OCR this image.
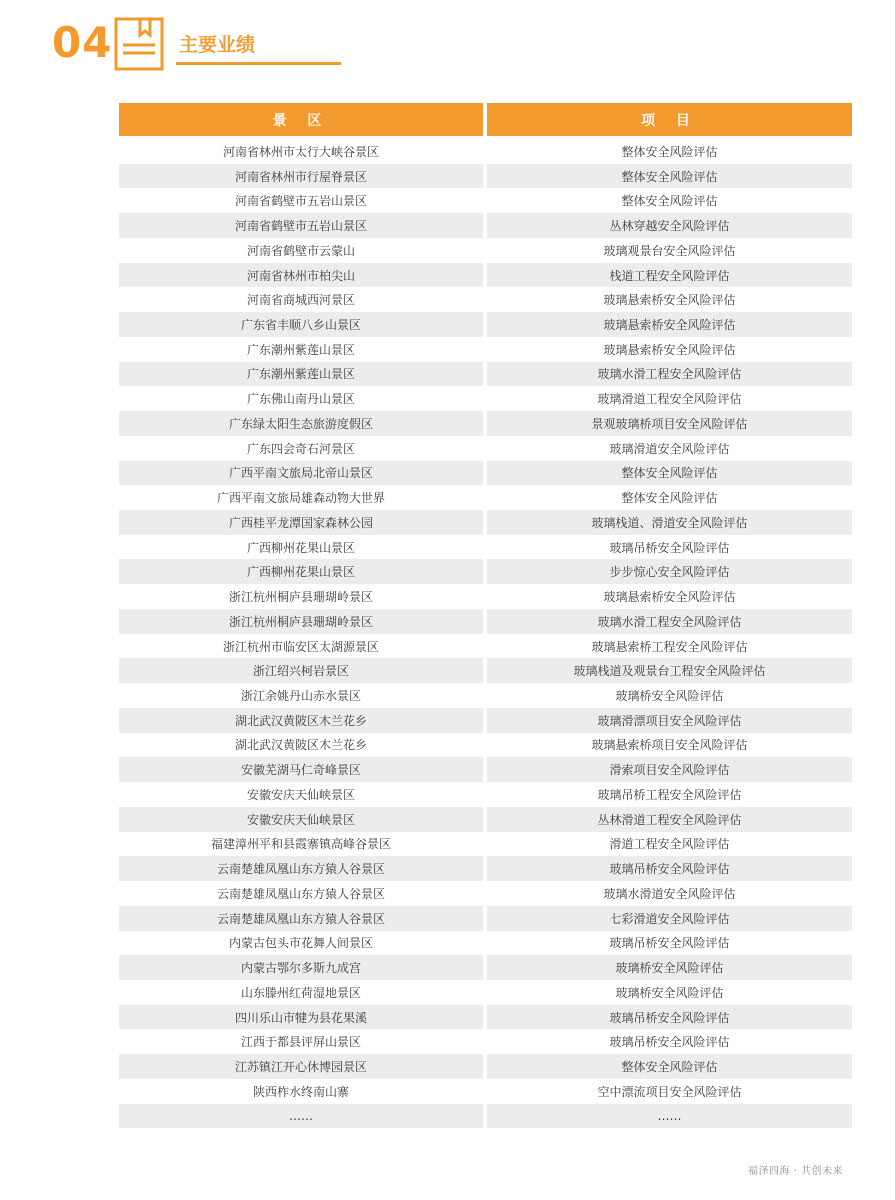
04	主要业绩
景 区	项 目
河南省林州市太行大峡谷景区	整体安全风险评估
河南省林州市行屋脊景区	整体安全风险评估
河南省鹤壁市五岩山景区	整体安全风险评估
河南省鹤壁市五岩山景区	丛林穿越安全风险评估
河南省鹤壁市云蒙山	玻璃观景台安全风险评估
河南省林州市柏尖山	栈道工程安全风险评估
河南省商城西河景区	玻璃悬索桥安全风险评估
广东省丰顺八乡山景区	玻璃悬索桥安全风险评估
广东潮州紫莲山景区	玻璃悬索桥安全风险评估
广东潮州紫莲山景区	玻璃水滑工程安全风险评估
广东佛山南丹山景区	玻璃滑道工程安全风险评估
广东绿太阳生态旅游度假区	景观玻璃桥项目安全风险评估
广东四会奇石河景区	玻璃滑道安全风险评估
广西平南文旅局北帝山景区	整体安全风险评估
广西平南文旅局雄森动物大世界	整体安全风险评估
广西桂平龙潭国家森林公园	玻璃栈道、滑道安全风险评估
广西柳州花果山景区	玻璃吊桥安全风险评估
广西柳州花果山景区	步步惊心安全风险评估
浙江杭州桐庐县珊瑚岭景区	玻璃悬索桥安全风险评估
浙江杭州桐庐县珊瑚岭景区	玻璃水滑工程安全风险评估
浙江杭州市临安区太湖源景区	玻璃悬索桥工程安全风险评估
浙江绍兴柯岩景区	玻璃栈道及观景台工程安全风险评估
浙江余姚丹山赤水景区	玻璃桥安全风险评估
湖北武汉黄陂区木兰花乡	玻璃滑漂项目安全风险评估
湖北武汉黄陂区木兰花乡	玻璃悬索桥项目安全风险评估
安徽芜湖马仁奇峰景区	滑索项目安全风险评估
安徽安庆天仙峡景区	玻璃吊桥工程安全风险评估
安徽安庆天仙峡景区	丛林滑道工程安全风险评估
福建漳州平和县霞寨镇高峰谷景区	滑道工程安全风险评估
云南楚雄凤凰山东方猿人谷景区	玻璃吊桥安全风险评估
云南楚雄凤凰山东方猿人谷景区	玻璃水滑道安全风险评估
云南楚雄凤凰山东方猿人谷景区	七彩滑道安全风险评估
内蒙古包头市花舞人间景区	玻璃吊桥安全风险评估
内蒙古鄂尔多斯九成宫	玻璃桥安全风险评估
山东滕州红荷湿地景区	玻璃桥安全风险评估
四川乐山市犍为县花果溪	玻璃吊桥安全风险评估
江西于都县评屏山景区	玻璃吊桥安全风险评估
江苏镇江开心休博园景区	整体安全风险评估
陕西柞水终南山寨	空中漂流项目安全风险评估
……	……
福泽四海 · 共创未来
